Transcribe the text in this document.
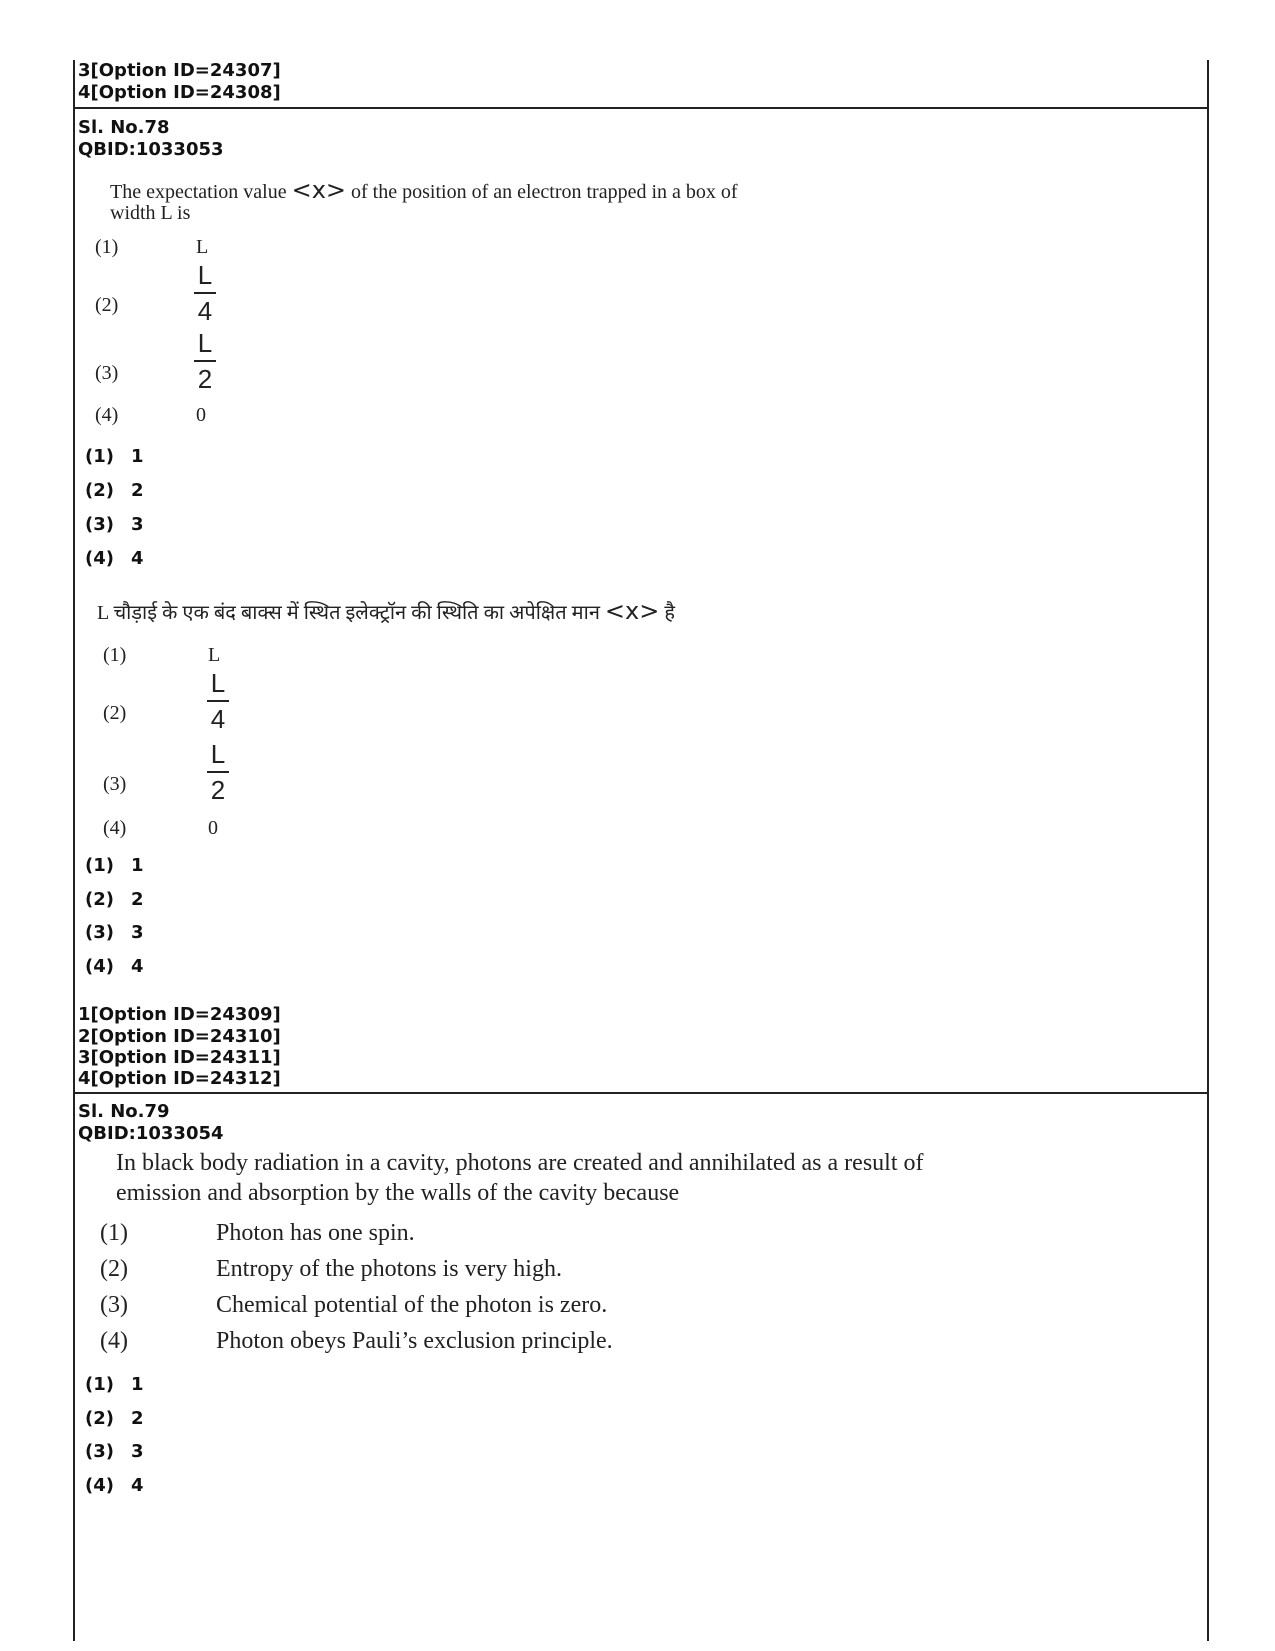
3[Option ID=24307]
4[Option ID=24308]
Sl. No.78
QBID:1033053
The expectation value <x> of the position of an electron trapped in a box of
width L is
(1)	L
(2)
L
4
(3)
L
2
(4)	0
(1) 1
(2) 2
(3) 3
(4) 4
L चौड़ाई के एक बंद बाक्स में स्थित इलेक्ट्रॉन की स्थिति का अपेक्षित मान <x> है
(1)	L
(2)
L
4
(3)
L
2
(4)	0
(1) 1
(2) 2
(3) 3
(4) 4
1[Option ID=24309]
2[Option ID=24310]
3[Option ID=24311]
4[Option ID=24312]
Sl. No.79
QBID:1033054
In black body radiation in a cavity, photons are created and annihilated as a result of
emission and absorption by the walls of the cavity because
(1)	Photon has one spin.
(2)	Entropy of the photons is very high.
(3)	Chemical potential of the photon is zero.
(4)	Photon obeys Pauli’s exclusion principle.
(1) 1
(2) 2
(3) 3
(4) 4
